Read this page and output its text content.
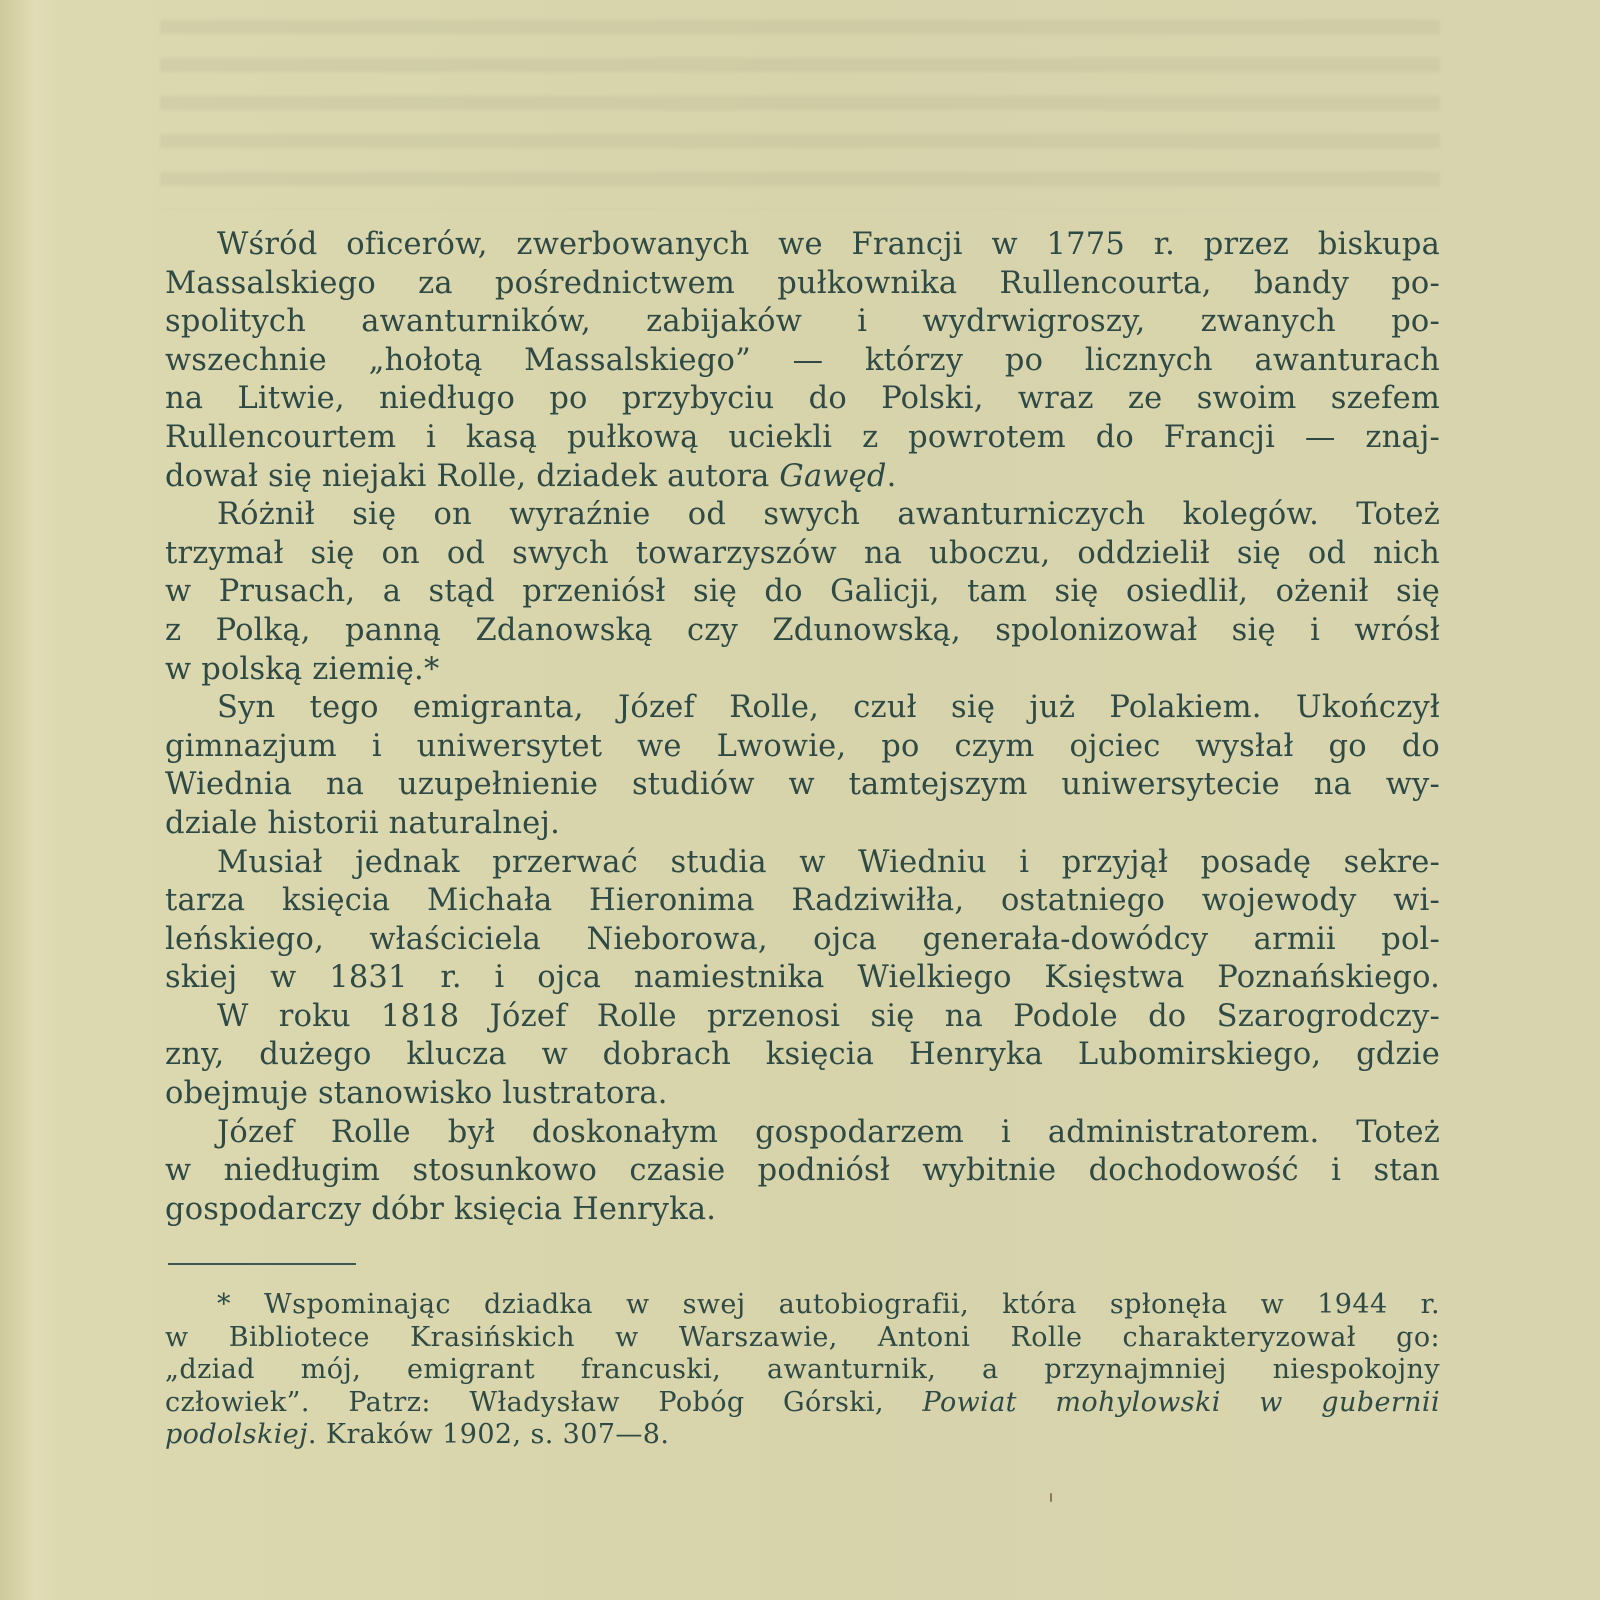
Wśród oficerów, zwerbowanych we Francji w 1775 r. przez biskupa
Massalskiego za pośrednictwem pułkownika Rullencourta, bandy po-
spolitych awanturników, zabijaków i wydrwigroszy, zwanych po-
wszechnie „hołotą Massalskiego” — którzy po licznych awanturach
na Litwie, niedługo po przybyciu do Polski, wraz ze swoim szefem
Rullencourtem i kasą pułkową uciekli z powrotem do Francji — znaj-
dował się niejaki Rolle, dziadek autora Gawęd.
Różnił się on wyraźnie od swych awanturniczych kolegów. Toteż
trzymał się on od swych towarzyszów na uboczu, oddzielił się od nich
w Prusach, a stąd przeniósł się do Galicji, tam się osiedlił, ożenił się
z Polką, panną Zdanowską czy Zdunowską, spolonizował się i wrósł
w polską ziemię.*
Syn tego emigranta, Józef Rolle, czuł się już Polakiem. Ukończył
gimnazjum i uniwersytet we Lwowie, po czym ojciec wysłał go do
Wiednia na uzupełnienie studiów w tamtejszym uniwersytecie na wy-
dziale historii naturalnej.
Musiał jednak przerwać studia w Wiedniu i przyjął posadę sekre-
tarza księcia Michała Hieronima Radziwiłła, ostatniego wojewody wi-
leńskiego, właściciela Nieborowa, ojca generała-dowódcy armii pol-
skiej w 1831 r. i ojca namiestnika Wielkiego Księstwa Poznańskiego.
W roku 1818 Józef Rolle przenosi się na Podole do Szarogrodczy-
zny, dużego klucza w dobrach księcia Henryka Lubomirskiego, gdzie
obejmuje stanowisko lustratora.
Józef Rolle był doskonałym gospodarzem i administratorem. Toteż
w niedługim stosunkowo czasie podniósł wybitnie dochodowość i stan
gospodarczy dóbr księcia Henryka.
* Wspominając dziadka w swej autobiografii, która spłonęła w 1944 r.
w Bibliotece Krasińskich w Warszawie, Antoni Rolle charakteryzował go:
„dziad mój, emigrant francuski, awanturnik, a przynajmniej niespokojny
człowiek”. Patrz: Władysław Pobóg Górski, Powiat mohylowski w gubernii
podolskiej. Kraków 1902, s. 307—8.
